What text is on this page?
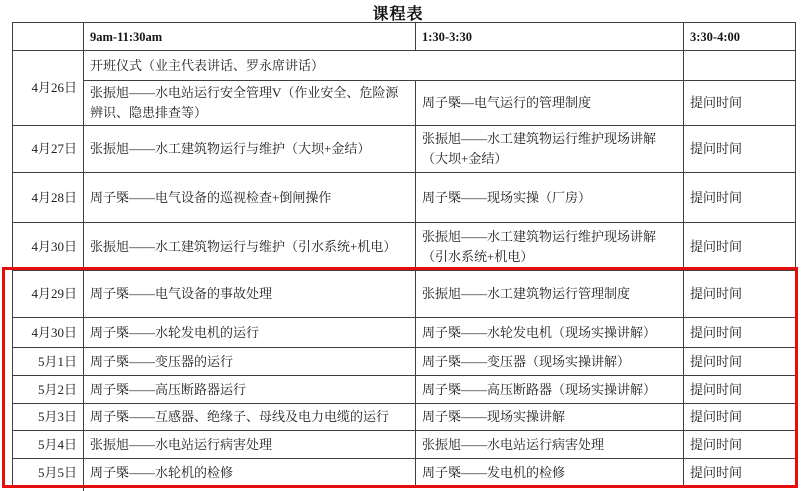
课程表
	9am-11:30am	1:30-3:30	3:30-4:00
4月26日	开班仪式（业主代表讲话、罗永席讲话）		
	张振旭——水电站运行安全管理V（作业安全、危险源辨识、隐患排查等）	周子槩—电气运行的管理制度	提问时间
4月27日	张振旭——水工建筑物运行与维护（大坝+金结）	张振旭——水工建筑物运行维护现场讲解（大坝+金结）	提问时间
4月28日	周子槩——电气设备的巡视检查+倒闸操作	周子槩——现场实操（厂房）	提问时间
4月30日	张振旭——水工建筑物运行与维护（引水系统+机电）	张振旭——水工建筑物运行维护现场讲解（引水系统+机电）	提问时间
4月29日	周子槩——电气设备的事故处理	张振旭——水工建筑物运行管理制度	提问时间
4月30日	周子槩——水轮发电机的运行	周子槩——水轮发电机（现场实操讲解）	提问时间
5月1日	周子槩——变压器的运行	周子槩——变压器（现场实操讲解）	提问时间
5月2日	周子槩——高压断路器运行	周子槩——高压断路器（现场实操讲解）	提问时间
5月3日	周子槩——互感器、绝缘子、母线及电力电缆的运行	周子槩——现场实操讲解	提问时间
5月4日	张振旭——水电站运行病害处理	张振旭——水电站运行病害处理	提问时间
5月5日	周子槩——水轮机的检修	周子槩——发电机的检修	提问时间
